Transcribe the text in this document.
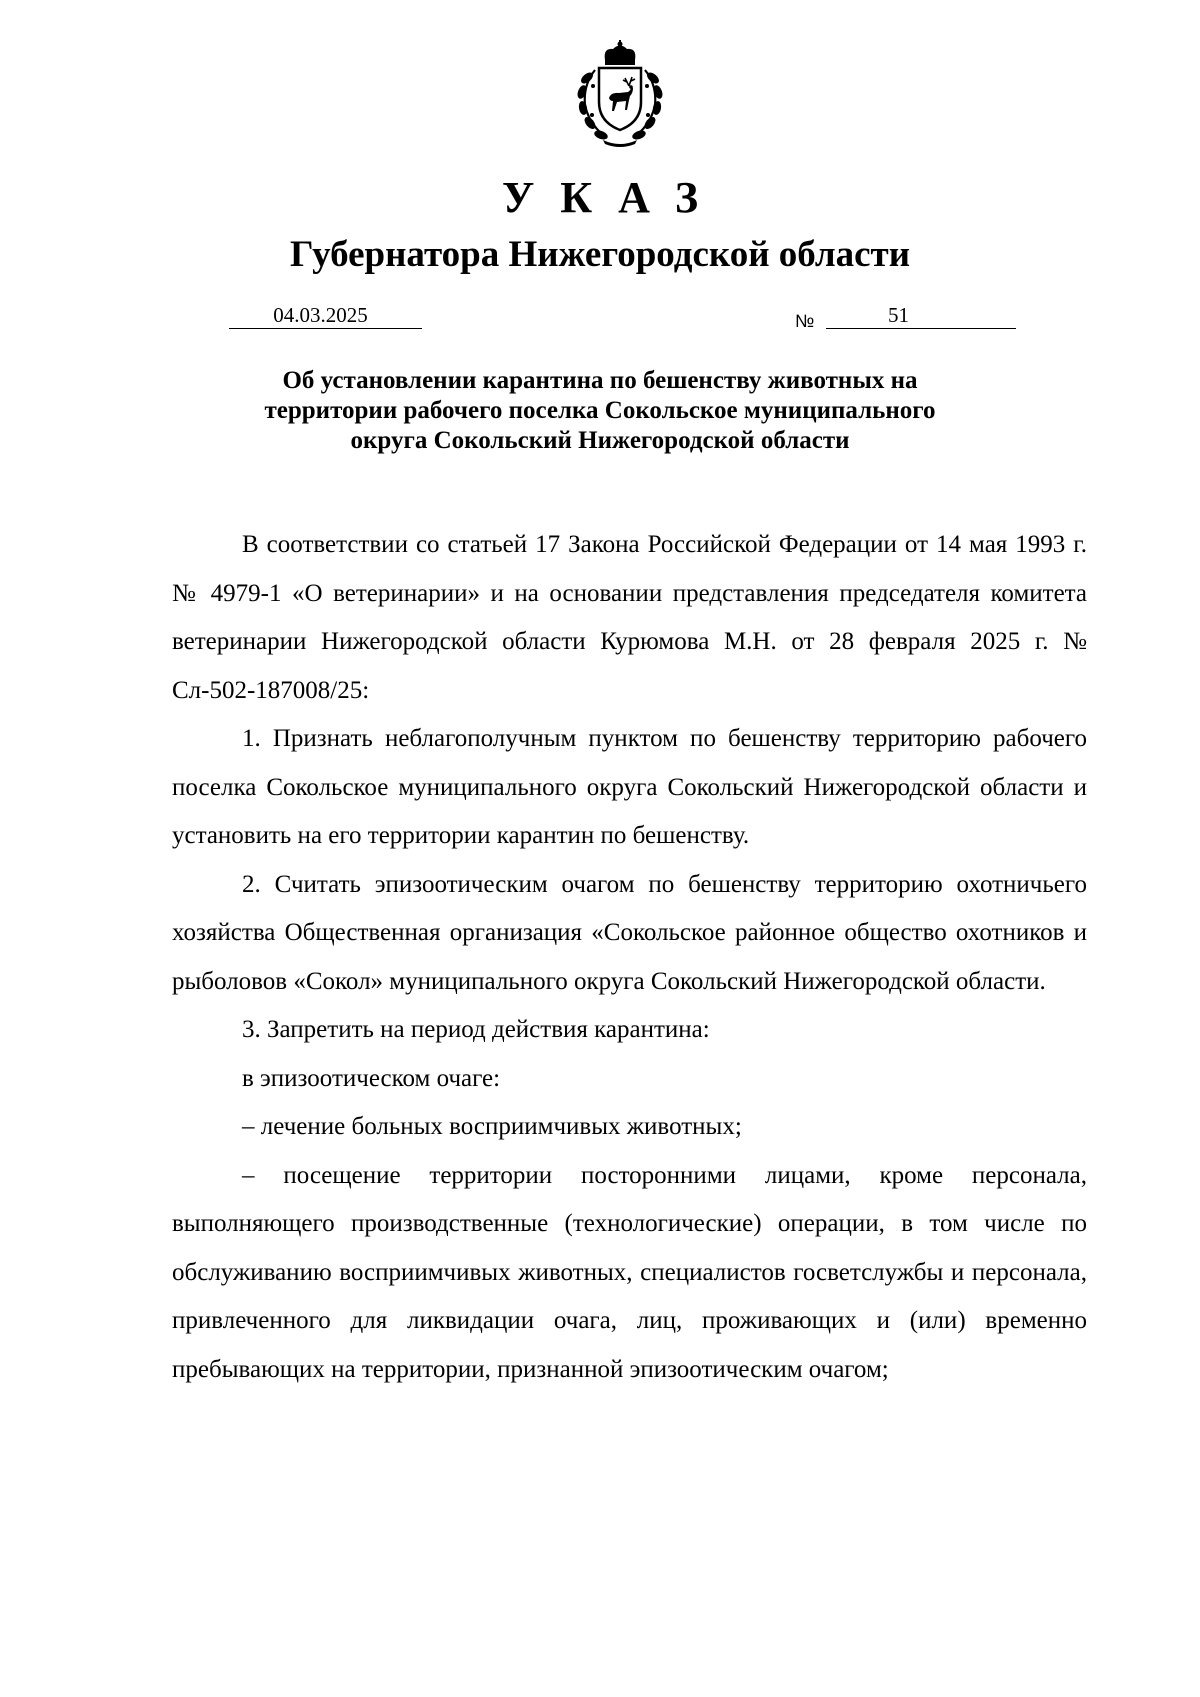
УКАЗ
Губернатора Нижегородской области
04.03.2025	№	51
Об установлении карантина по бешенству животных на
территории рабочего поселка Сокольское муниципального
округа Сокольский Нижегородской области

В соответствии со статьей 17 Закона Российской Федерации от 14 мая 1993 г. № 4979-1 «О ветеринарии» и на основании представления председателя комитета ветеринарии Нижегородской области Курюмова М.Н. от 28 февраля 2025 г. № Сл-502-187008/25:

1. Признать неблагополучным пунктом по бешенству территорию рабочего поселка Сокольское муниципального округа Сокольский Нижегородской области и установить на его территории карантин по бешенству.

2. Считать эпизоотическим очагом по бешенству территорию охотничьего хозяйства Общественная организация «Сокольское районное общество охотников и рыболовов «Сокол» муниципального округа Сокольский Нижегородской области.

3. Запретить на период действия карантина:

в эпизоотическом очаге:

– лечение больных восприимчивых животных;

– посещение территории посторонними лицами, кроме персонала, выполняющего производственные (технологические) операции, в том числе по обслуживанию восприимчивых животных, специалистов госветслужбы и персонала, привлеченного для ликвидации очага, лиц, проживающих и (или) временно пребывающих на территории, признанной эпизоотическим очагом;
